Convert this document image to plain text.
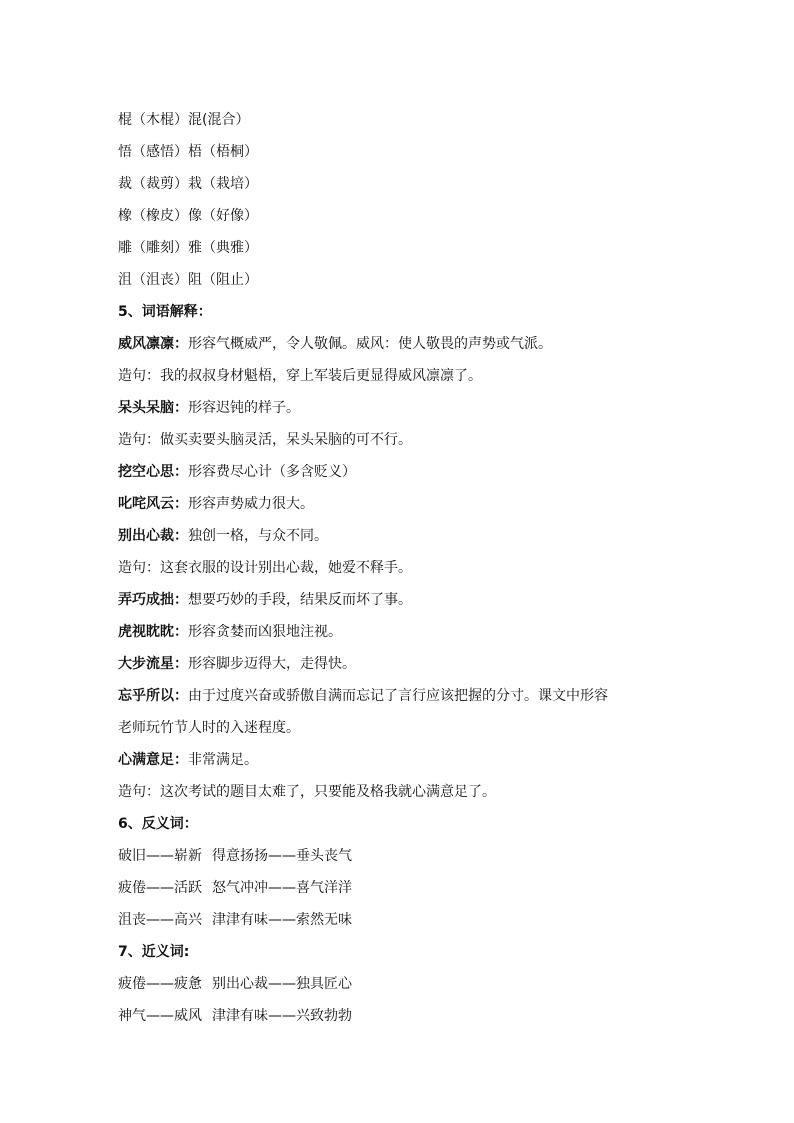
棍（木棍）混(混合）
悟（感悟）梧（梧桐）
裁（裁剪）栽（栽培）
橡（橡皮）像（好像）
雕（雕刻）雅（典雅）
沮（沮丧）阻（阻止）
5、词语解释：
威风凛凛：形容气概威严，令人敬佩。威风：使人敬畏的声势或气派。
造句：我的叔叔身材魁梧，穿上军装后更显得威风凛凛了。
呆头呆脑：形容迟钝的样子。
造句：做买卖要头脑灵活，呆头呆脑的可不行。
挖空心思：形容费尽心计（多含贬义）
叱咤风云：形容声势威力很大。
别出心裁：独创一格，与众不同。
造句：这套衣服的设计别出心裁，她爱不释手。
弄巧成拙：想要巧妙的手段，结果反而坏了事。
虎视眈眈：形容贪婪而凶狠地注视。
大步流星：形容脚步迈得大，走得快。
忘乎所以：由于过度兴奋或骄傲自满而忘记了言行应该把握的分寸。课文中形容
老师玩竹节人时的入迷程度。
心满意足：非常满足。
造句：这次考试的题目太难了，只要能及格我就心满意足了。
6、反义词：
破旧——崭新 得意扬扬——垂头丧气
疲倦——活跃 怒气冲冲——喜气洋洋
沮丧——高兴 津津有味——索然无味
7、近义词:
疲倦——疲惫 别出心裁——独具匠心
神气——威风 津津有味——兴致勃勃
